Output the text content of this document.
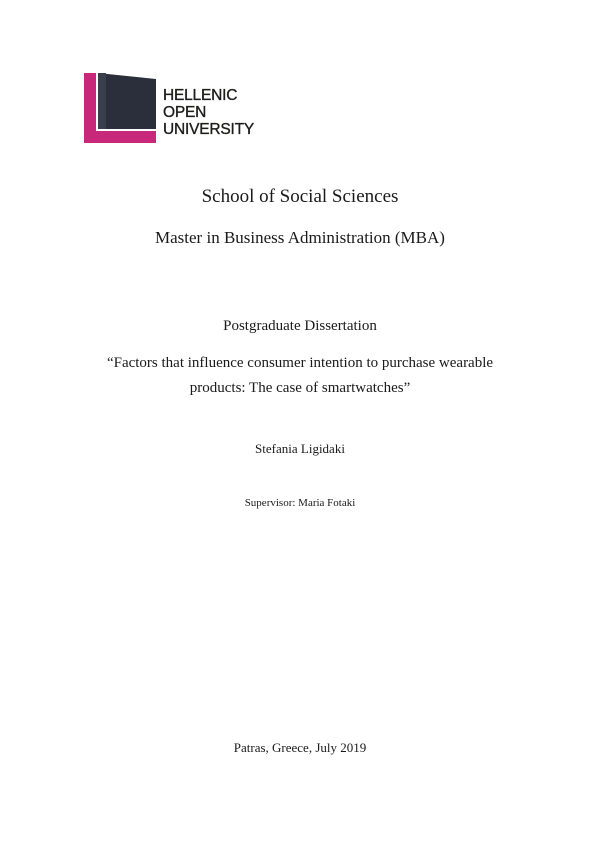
HELLENIC
OPEN
UNIVERSITY
School of Social Sciences
Master in Business Administration (MBA)
Postgraduate Dissertation
“Factors that influence consumer intention to purchase wearable
products: The case of smartwatches”
Stefania Ligidaki
Supervisor: Maria Fotaki
Patras, Greece, July 2019
